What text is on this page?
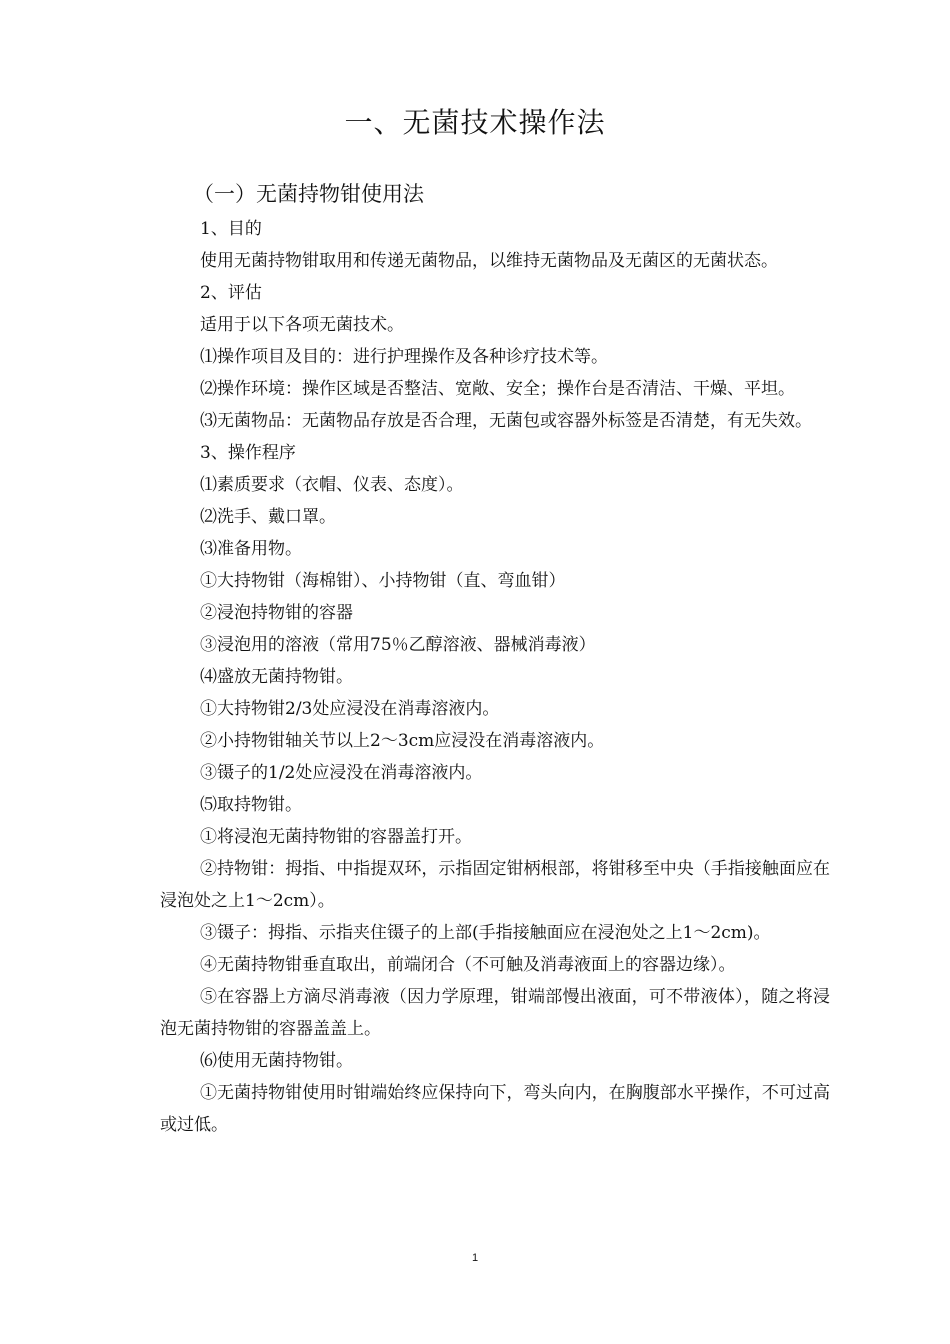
一、无菌技术操作法
（一）无菌持物钳使用法
1、目的
使用无菌持物钳取用和传递无菌物品，以维持无菌物品及无菌区的无菌状态。
2、评估
适用于以下各项无菌技术。
⑴操作项目及目的：进行护理操作及各种诊疗技术等。
⑵操作环境：操作区域是否整洁、宽敞、安全；操作台是否清洁、干燥、平坦。
⑶无菌物品：无菌物品存放是否合理，无菌包或容器外标签是否清楚，有无失效。
3、操作程序
⑴素质要求（衣帽、仪表、态度）。
⑵洗手、戴口罩。
⑶准备用物。
①大持物钳（海棉钳）、小持物钳（直、弯血钳）
②浸泡持物钳的容器
③浸泡用的溶液（常用75％乙醇溶液、器械消毒液）
⑷盛放无菌持物钳。
①大持物钳2/3处应浸没在消毒溶液内。
②小持物钳轴关节以上2～3cm应浸没在消毒溶液内。
③镊子的1/2处应浸没在消毒溶液内。
⑸取持物钳。
①将浸泡无菌持物钳的容器盖打开。
②持物钳：拇指、中指提双环，示指固定钳柄根部，将钳移至中央（手指接触面应在浸泡处之上1～2cm）。
③镊子：拇指、示指夹住镊子的上部(手指接触面应在浸泡处之上1～2cm)。
④无菌持物钳垂直取出，前端闭合（不可触及消毒液面上的容器边缘）。
⑤在容器上方滴尽消毒液（因力学原理，钳端部慢出液面，可不带液体），随之将浸泡无菌持物钳的容器盖盖上。
⑹使用无菌持物钳。
①无菌持物钳使用时钳端始终应保持向下，弯头向内，在胸腹部水平操作，不可过高或过低。
1
